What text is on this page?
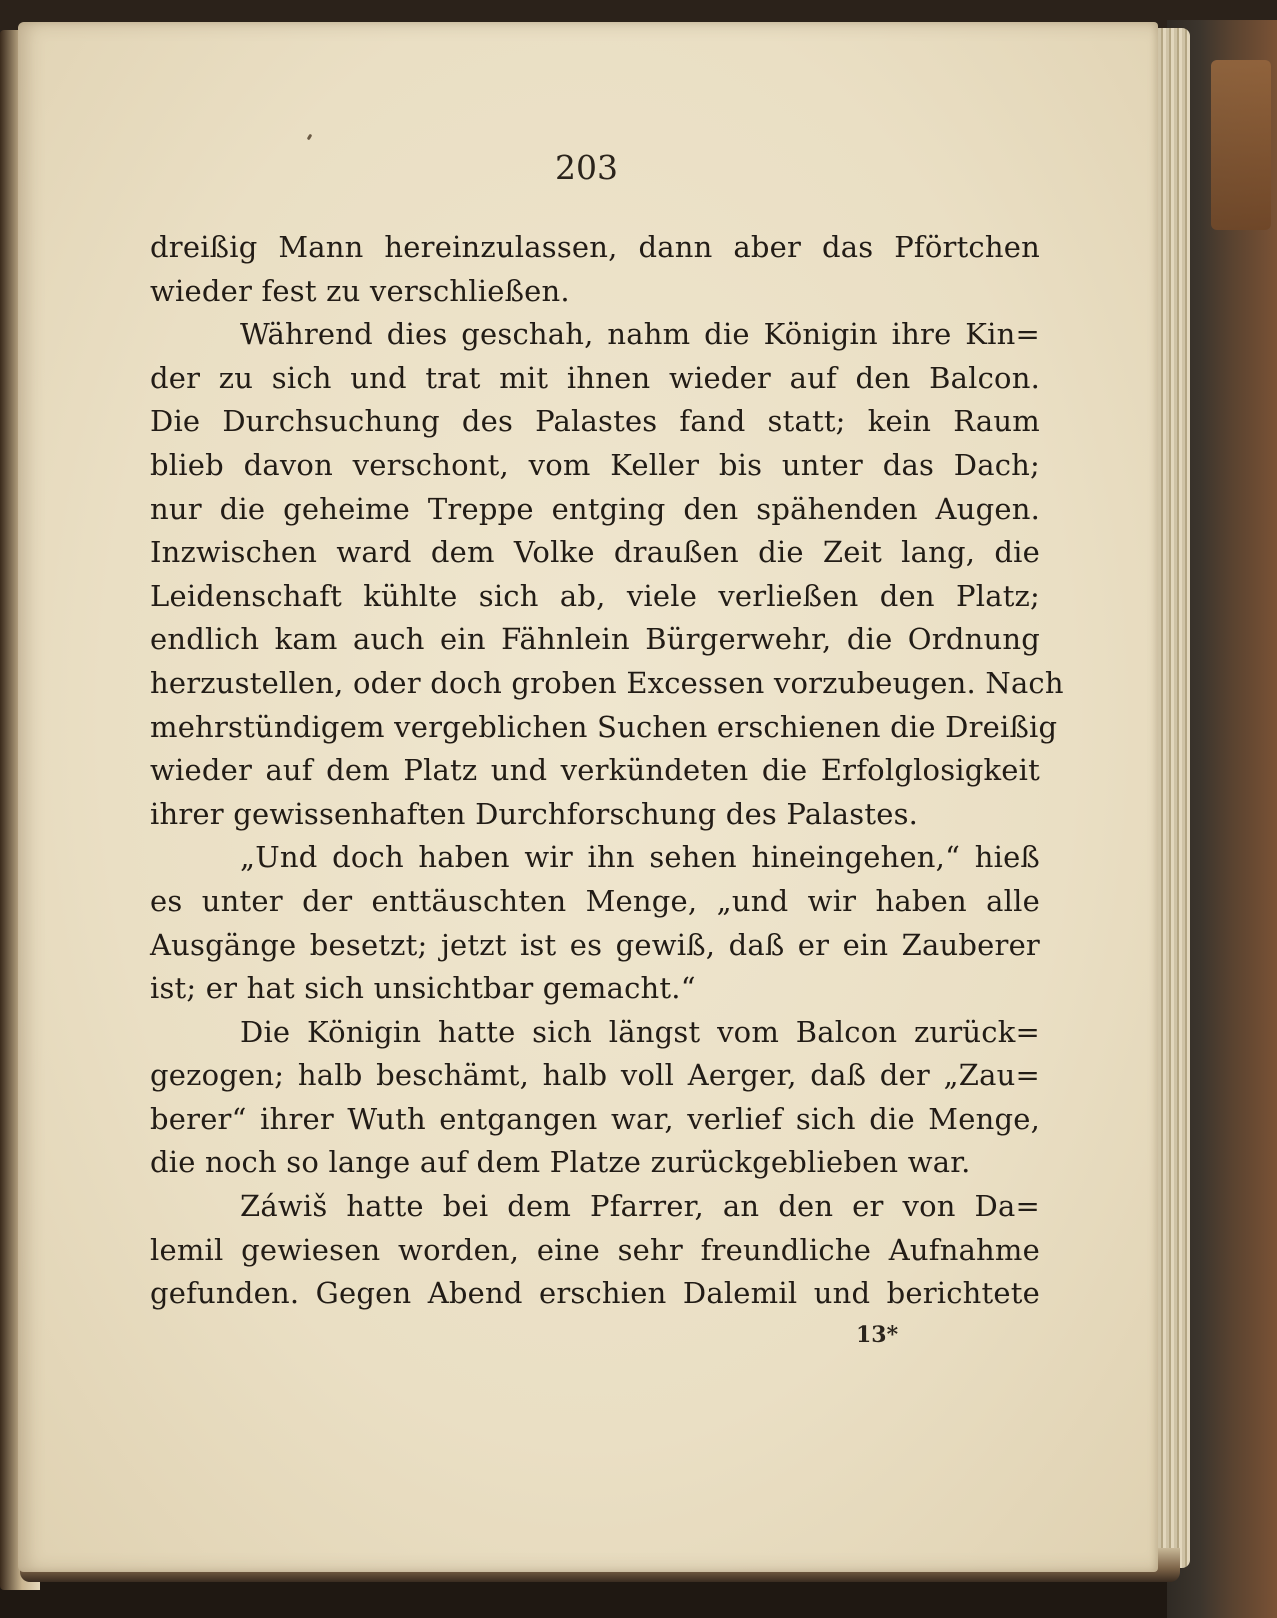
203

dreißig Mann hereinzulassen, dann aber das Pförtchen
wieder fest zu verschließen.
Während dies geschah, nahm die Königin ihre Kin=
der zu sich und trat mit ihnen wieder auf den Balcon.
Die Durchsuchung des Palastes fand statt; kein Raum
blieb davon verschont, vom Keller bis unter das Dach;
nur die geheime Treppe entging den spähenden Augen.
Inzwischen ward dem Volke draußen die Zeit lang, die
Leidenschaft kühlte sich ab, viele verließen den Platz;
endlich kam auch ein Fähnlein Bürgerwehr, die Ordnung
herzustellen, oder doch groben Excessen vorzubeugen. Nach
mehrstündigem vergeblichen Suchen erschienen die Dreißig
wieder auf dem Platz und verkündeten die Erfolglosigkeit
ihrer gewissenhaften Durchforschung des Palastes.
„Und doch haben wir ihn sehen hineingehen,“ hieß
es unter der enttäuschten Menge, „und wir haben alle
Ausgänge besetzt; jetzt ist es gewiß, daß er ein Zauberer
ist; er hat sich unsichtbar gemacht.“
Die Königin hatte sich längst vom Balcon zurück=
gezogen; halb beschämt, halb voll Aerger, daß der „Zau=
berer“ ihrer Wuth entgangen war, verlief sich die Menge,
die noch so lange auf dem Platze zurückgeblieben war.
Záwiš hatte bei dem Pfarrer, an den er von Da=
lemil gewiesen worden, eine sehr freundliche Aufnahme
gefunden. Gegen Abend erschien Dalemil und berichtete

13*
